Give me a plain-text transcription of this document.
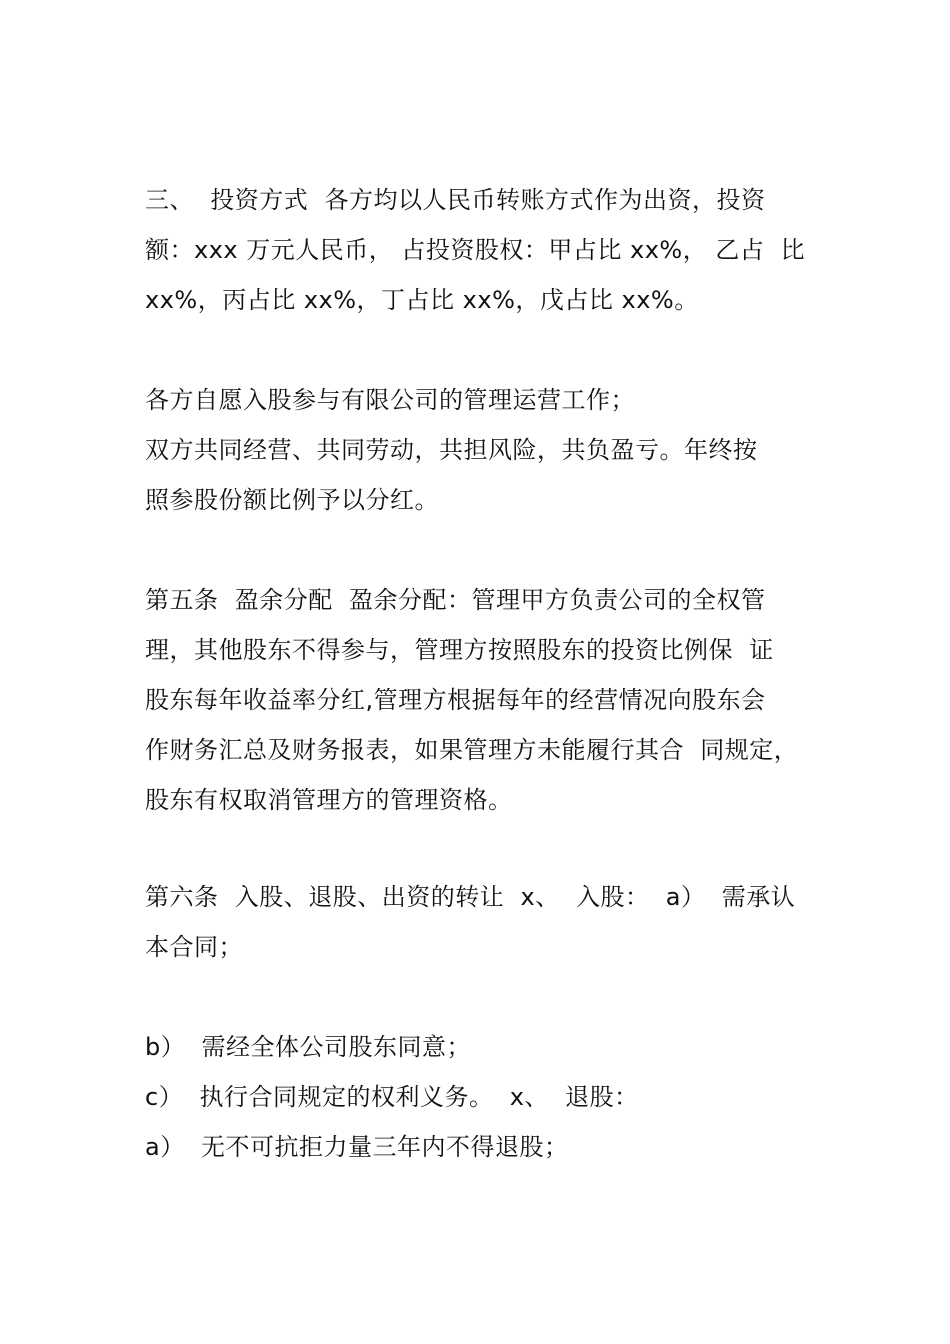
三、  投资方式  各方均以人民币转账方式作为出资，投资
额：xxx 万元人民币， 占投资股权：甲占比 xx%， 乙占  比
xx%，丙占比 xx%，丁占比 xx%，戊占比 xx%。
各方自愿入股参与有限公司的管理运营工作；
双方共同经营、共同劳动，共担风险，共负盈亏。年终按
照参股份额比例予以分红。
第五条  盈余分配  盈余分配：管理甲方负责公司的全权管
理，其他股东不得参与，管理方按照股东的投资比例保  证
股东每年收益率分红,管理方根据每年的经营情况向股东会
作财务汇总及财务报表，如果管理方未能履行其合  同规定，
股东有权取消管理方的管理资格。
第六条  入股、退股、出资的转让  x、  入股：  a）  需承认
本合同；
b）  需经全体公司股东同意；
c）  执行合同规定的权利义务。  x、  退股：
a）  无不可抗拒力量三年内不得退股；
